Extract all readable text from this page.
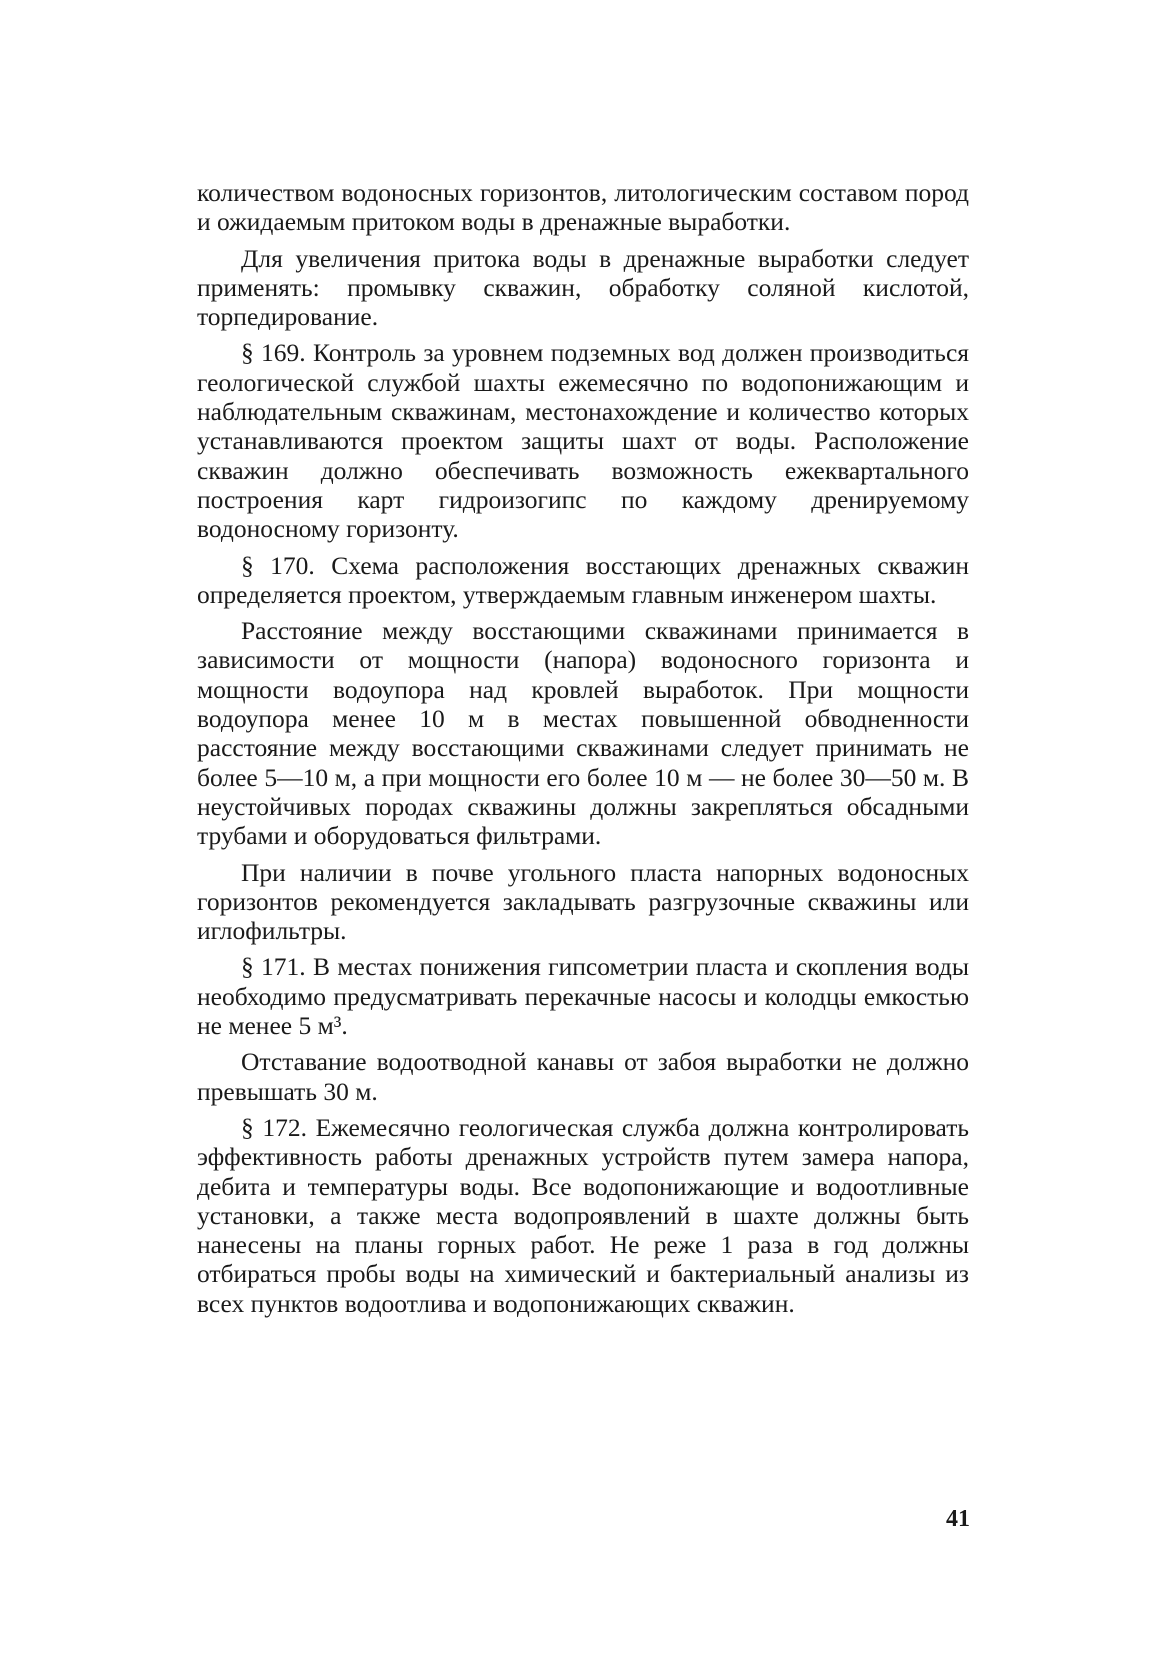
количеством водоносных горизонтов, литологическим составом пород и ожидаемым притоком воды в дренажные выработки.

Для увеличения притока воды в дренажные выработки следует применять: промывку скважин, обработку соляной кислотой, торпедирование.

§ 169. Контроль за уровнем подземных вод должен производиться геологической службой шахты ежемесячно по водопонижающим и наблюдательным скважинам, местонахождение и количество которых устанавливаются проектом защиты шахт от воды. Расположение скважин должно обеспечивать возможность ежеквартального построения карт гидроизогипс по каждому дренируемому водоносному горизонту.

§ 170. Схема расположения восстающих дренажных скважин определяется проектом, утверждаемым главным инженером шахты.

Расстояние между восстающими скважинами принимается в зависимости от мощности (напора) водоносного горизонта и мощности водоупора над кровлей выработок. При мощности водоупора менее 10 м в местах повышенной обводненности расстояние между восстающими скважинами следует принимать не более 5—10 м, а при мощности его более 10 м — не более 30—50 м. В неустойчивых породах скважины должны закрепляться обсадными трубами и оборудоваться фильтрами.

При наличии в почве угольного пласта напорных водоносных горизонтов рекомендуется закладывать разгрузочные скважины или иглофильтры.

§ 171. В местах понижения гипсометрии пласта и скопления воды необходимо предусматривать перекачные насосы и колодцы емкостью не менее 5 м³.

Отставание водоотводной канавы от забоя выработки не должно превышать 30 м.

§ 172. Ежемесячно геологическая служба должна контролировать эффективность работы дренажных устройств путем замера напора, дебита и температуры воды. Все водопонижающие и водоотливные установки, а также места водопроявлений в шахте должны быть нанесены на планы горных работ. Не реже 1 раза в год должны отбираться пробы воды на химический и бактериальный анализы из всех пунктов водоотлива и водопонижающих скважин.

41
